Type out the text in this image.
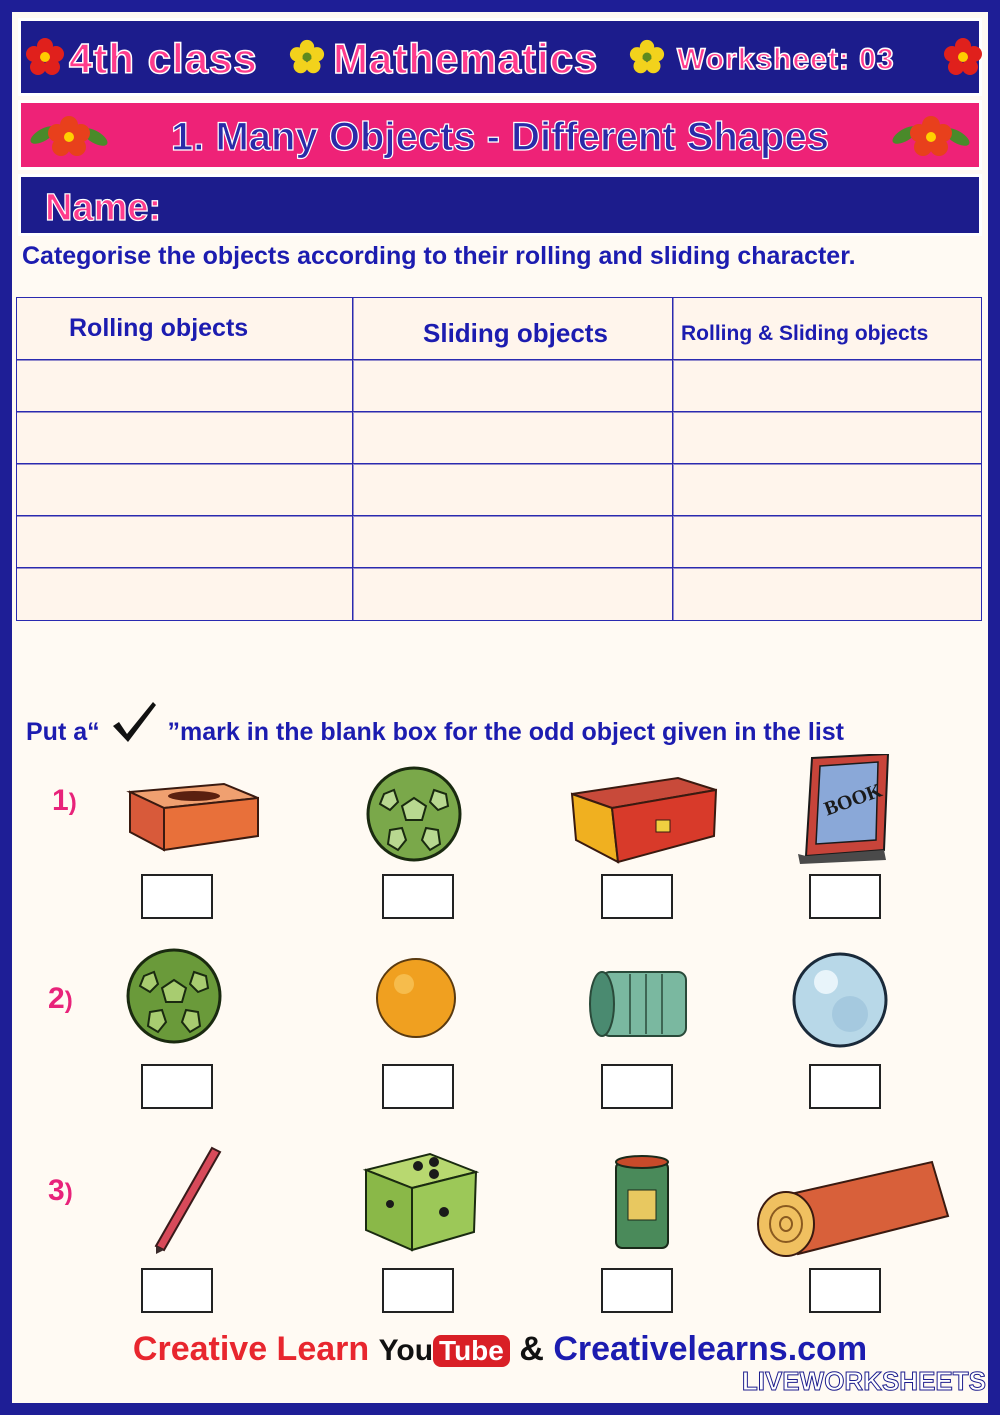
4th class Mathematics	Worksheet: 03
1. Many Objects - Different Shapes
Name:
Categorise the objects according to their rolling and sliding character.
Rolling objects	Sliding objects	Rolling & Sliding objects
Put a“	”mark in the blank box for the odd object given in the list
1)
2)
3)
BOOK
Creative Learn You Tube & Creativelearns.com
LIVEWORKSHEETS
